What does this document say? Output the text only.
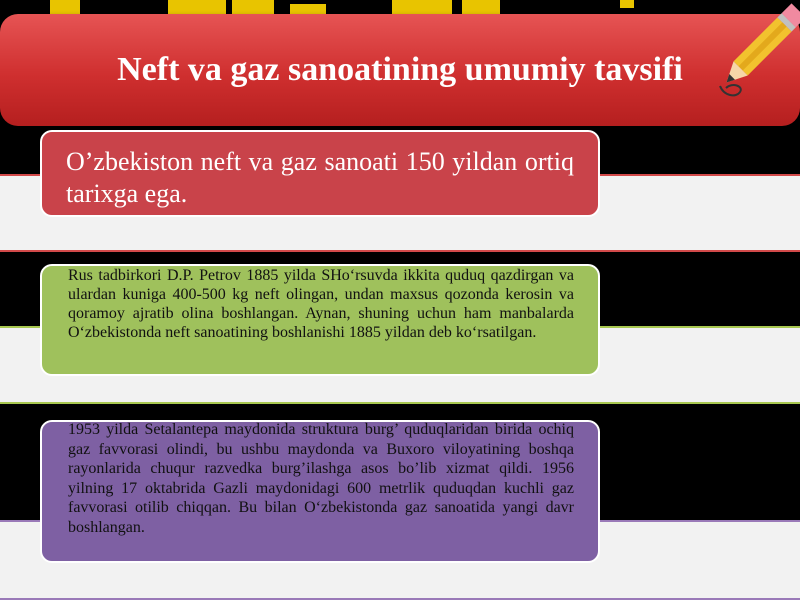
Neft va gaz sanoatining umumiy tavsifi
O’zbekiston neft va gaz sanoati 150 yildan ortiq tarixga ega.
Rus tadbirkori D.P. Petrov 1885 yilda SHo‘rsuvda ikkita quduq qazdirgan va ulardan kuniga 400-500 kg neft olingan, undan maxsus qozonda kerosin va qoramoy ajratib olina boshlangan. Aynan, shuning uchun ham manbalarda O‘zbekistonda neft sanoatining boshlanishi 1885 yildan deb ko‘rsatilgan.
1953 yilda Setalantepa maydonida struktura burg’ quduqlaridan birida ochiq gaz favvorasi olindi, bu ushbu maydonda va Buxoro viloyatining boshqa rayonlarida chuqur razvedka burg’ilashga asos bo’lib xizmat qildi. 1956 yilning 17 oktabrida Gazli maydonidagi 600 metrlik quduqdan kuchli gaz favvorasi otilib chiqqan. Bu bilan O‘zbekistonda gaz sanoatida yangi davr boshlangan.
